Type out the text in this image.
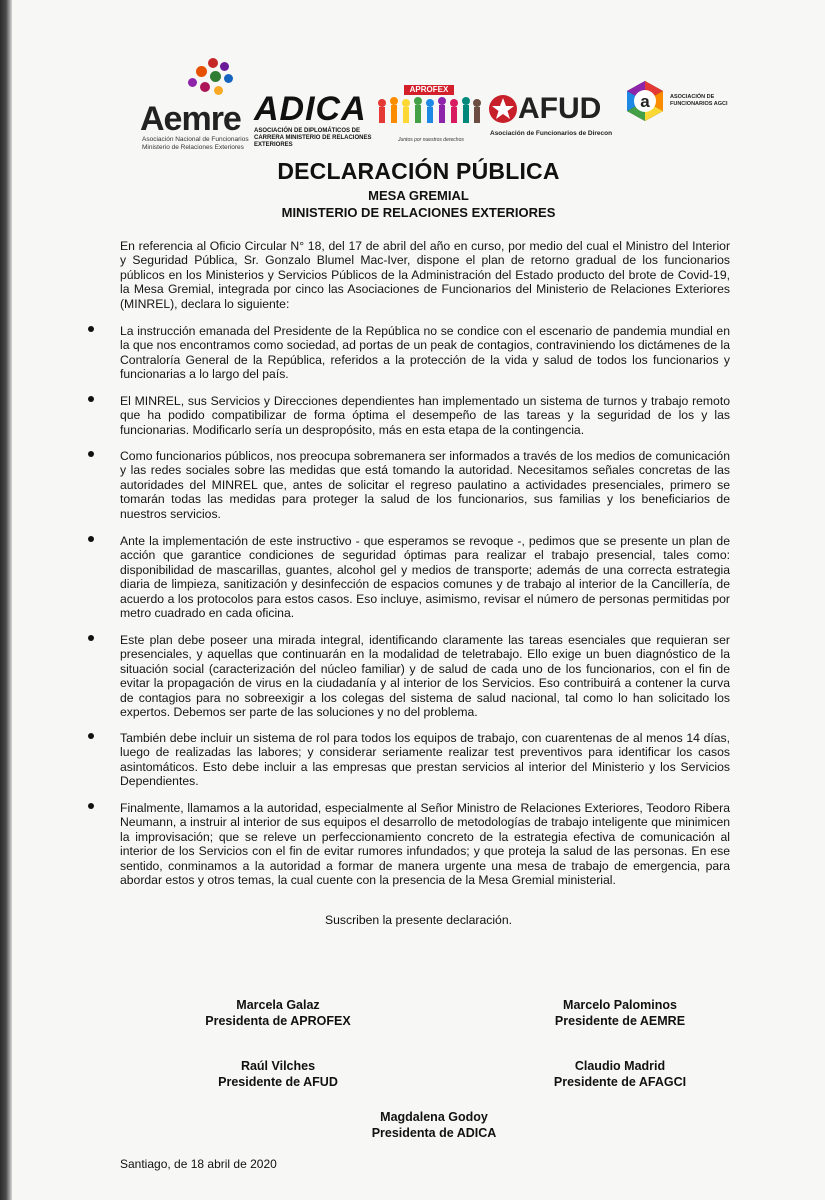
Aemre
Asociación Nacional de Funcionarios Ministerio de Relaciones Exteriores
ADICA
ASOCIACIÓN DE DIPLOMÁTICOS DE CARRERA MINISTERIO DE RELACIONES EXTERIORES
APROFEX
Juntos por nuestros derechos
AFUD
Asociación de Funcionarios de Direcon
a	ASOCIACIÓN DE FUNCIONARIOS AGCI
DECLARACIÓN PÚBLICA
MESA GREMIAL
MINISTERIO DE RELACIONES EXTERIORES
En referencia al Oficio Circular N° 18, del 17 de abril del año en curso, por medio del cual el Ministro del Interior y Seguridad Pública, Sr. Gonzalo Blumel Mac-Iver, dispone el plan de retorno gradual de los funcionarios públicos en los Ministerios y Servicios Públicos de la Administración del Estado producto del brote de Covid-19, la Mesa Gremial, integrada por cinco las Asociaciones de Funcionarios del Ministerio de Relaciones Exteriores (MINREL), declara lo siguiente:
La instrucción emanada del Presidente de la República no se condice con el escenario de pandemia mundial en la que nos encontramos como sociedad, ad portas de un peak de contagios, contraviniendo los dictámenes de la Contraloría General de la República, referidos a la protección de la vida y salud de todos los funcionarios y funcionarias a lo largo del país.
El MINREL, sus Servicios y Direcciones dependientes han implementado un sistema de turnos y trabajo remoto que ha podido compatibilizar de forma óptima el desempeño de las tareas y la seguridad de los y las funcionarias. Modificarlo sería un despropósito, más en esta etapa de la contingencia.
Como funcionarios públicos, nos preocupa sobremanera ser informados a través de los medios de comunicación y las redes sociales sobre las medidas que está tomando la autoridad. Necesitamos señales concretas de las autoridades del MINREL que, antes de solicitar el regreso paulatino a actividades presenciales, primero se tomarán todas las medidas para proteger la salud de los funcionarios, sus familias y los beneficiarios de nuestros servicios.
Ante la implementación de este instructivo - que esperamos se revoque -, pedimos que se presente un plan de acción que garantice condiciones de seguridad óptimas para realizar el trabajo presencial, tales como: disponibilidad de mascarillas, guantes, alcohol gel y medios de transporte; además de una correcta estrategia diaria de limpieza, sanitización y desinfección de espacios comunes y de trabajo al interior de la Cancillería, de acuerdo a los protocolos para estos casos. Eso incluye, asimismo, revisar el número de personas permitidas por metro cuadrado en cada oficina.
Este plan debe poseer una mirada integral, identificando claramente las tareas esenciales que requieran ser presenciales, y aquellas que continuarán en la modalidad de teletrabajo. Ello exige un buen diagnóstico de la situación social (caracterización del núcleo familiar) y de salud de cada uno de los funcionarios, con el fin de evitar la propagación de virus en la ciudadanía y al interior de los Servicios. Eso contribuirá a contener la curva de contagios para no sobreexigir a los colegas del sistema de salud nacional, tal como lo han solicitado los expertos. Debemos ser parte de las soluciones y no del problema.
También debe incluir un sistema de rol para todos los equipos de trabajo, con cuarentenas de al menos 14 días, luego de realizadas las labores; y considerar seriamente realizar test preventivos para identificar los casos asintomáticos. Esto debe incluir a las empresas que prestan servicios al interior del Ministerio y los Servicios Dependientes.
Finalmente, llamamos a la autoridad, especialmente al Señor Ministro de Relaciones Exteriores, Teodoro Ribera Neumann, a instruir al interior de sus equipos el desarrollo de metodologías de trabajo inteligente que minimicen la improvisación; que se releve un perfeccionamiento concreto de la estrategia efectiva de comunicación al interior de los Servicios con el fin de evitar rumores infundados; y que proteja la salud de las personas. En ese sentido, conminamos a la autoridad a formar de manera urgente una mesa de trabajo de emergencia, para abordar estos y otros temas, la cual cuente con la presencia de la Mesa Gremial ministerial.
Suscriben la presente declaración.
Marcela Galaz
Presidenta de APROFEX
Marcelo Palominos
Presidente de AEMRE
Raúl Vilches
Presidente de AFUD
Claudio Madrid
Presidente de AFAGCI
Magdalena Godoy
Presidenta de ADICA
Santiago, de 18 abril de 2020
